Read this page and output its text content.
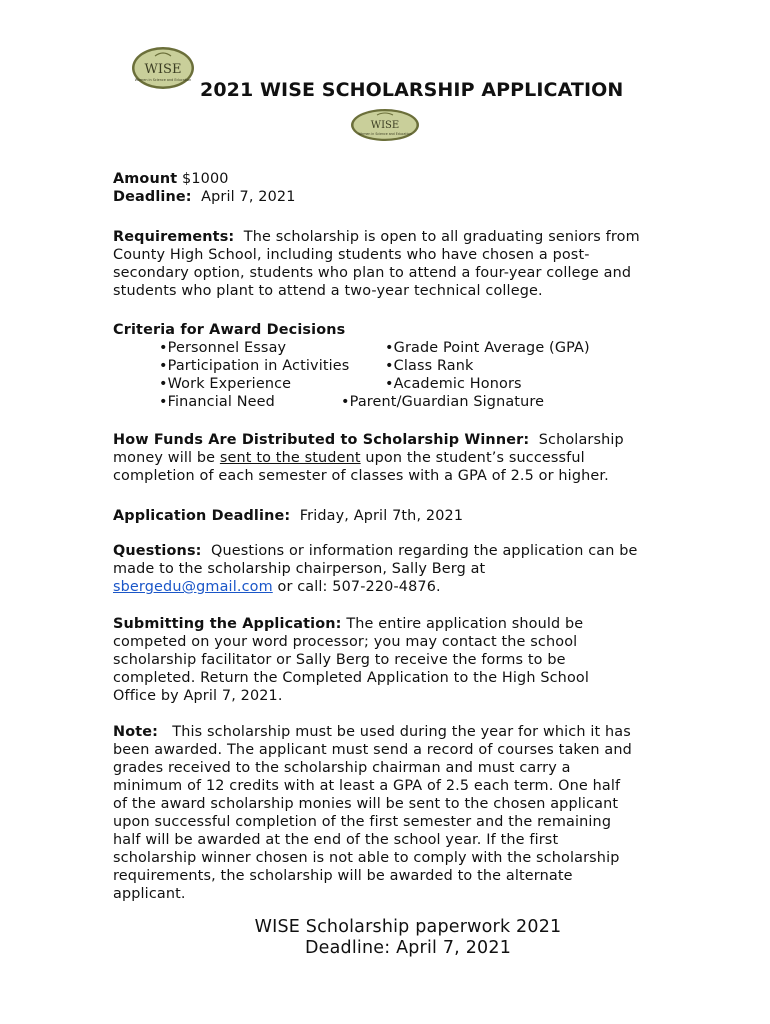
WISE
Women in Science and Education 2021 WISE SCHOLARSHIP APPLICATION
WISE
Women in Science and Education
Amount $1000
Deadline: April 7, 2021
Requirements: The scholarship is open to all graduating seniors from
County High School, including students who have chosen a post-
secondary option, students who plan to attend a four-year college and
students who plant to attend a two-year technical college.
Criteria for Award Decisions
•Personnel Essay	•Grade Point Average (GPA)
•Participation in Activities •Class Rank
•Work Experience	•Academic Honors
•Financial Need	•Parent/Guardian Signature
How Funds Are Distributed to Scholarship Winner: Scholarship
money will be sent to the student upon the student’s successful
completion of each semester of classes with a GPA of 2.5 or higher.
Application Deadline: Friday, April 7th, 2021
Questions: Questions or information regarding the application can be
made to the scholarship chairperson, Sally Berg at
sbergedu@gmail.com or call: 507-220-4876.
Submitting the Application: The entire application should be
competed on your word processor; you may contact the school
scholarship facilitator or Sally Berg to receive the forms to be
completed. Return the Completed Application to the High School
Office by April 7, 2021.
Note: This scholarship must be used during the year for which it has
been awarded. The applicant must send a record of courses taken and
grades received to the scholarship chairman and must carry a
minimum of 12 credits with at least a GPA of 2.5 each term. One half
of the award scholarship monies will be sent to the chosen applicant
upon successful completion of the first semester and the remaining
half will be awarded at the end of the school year. If the first
scholarship winner chosen is not able to comply with the scholarship
requirements, the scholarship will be awarded to the alternate
applicant.
WISE Scholarship paperwork 2021
Deadline: April 7, 2021
